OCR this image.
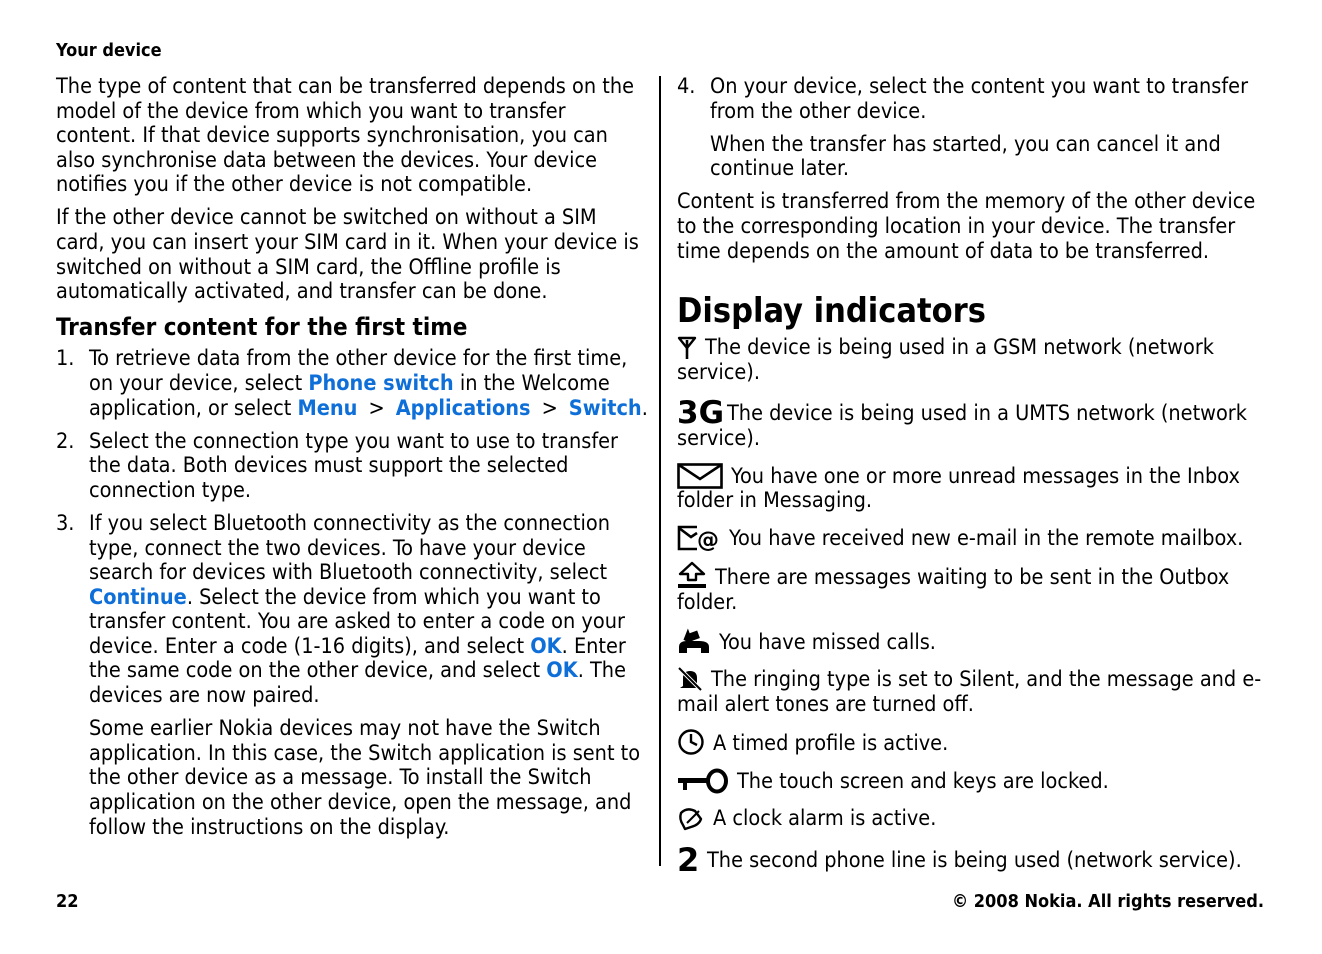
Your device

The type of content that can be transferred depends on the model of the device from which you want to transfer content. If that device supports synchronisation, you can also synchronise data between the devices. Your device notifies you if the other device is not compatible.

If the other device cannot be switched on without a SIM card, you can insert your SIM card in it. When your device is switched on without a SIM card, the Offline profile is automatically activated, and transfer can be done.

Transfer content for the first time
1. To retrieve data from the other device for the first time, on your device, select Phone switch in the Welcome application, or select Menu > Applications > Switch.

2. Select the connection type you want to use to transfer the data. Both devices must support the selected connection type.

3. If you select Bluetooth connectivity as the connection type, connect the two devices. To have your device search for devices with Bluetooth connectivity, select Continue. Select the device from which you want to transfer content. You are asked to enter a code on your device. Enter a code (1-16 digits), and select OK. Enter the same code on the other device, and select OK. The devices are now paired.

Some earlier Nokia devices may not have the Switch application. In this case, the Switch application is sent to the other device as a message. To install the Switch application on the other device, open the message, and follow the instructions on the display.

4. On your device, select the content you want to transfer from the other device.

When the transfer has started, you can cancel it and continue later.

Content is transferred from the memory of the other device to the corresponding location in your device. The transfer time depends on the amount of data to be transferred.

Display indicators
The device is being used in a GSM network (network service).
3G The device is being used in a UMTS network (network service).
You have one or more unread messages in the Inbox folder in Messaging.
@ You have received new e-mail in the remote mailbox.
There are messages waiting to be sent in the Outbox folder.
You have missed calls.
The ringing type is set to Silent, and the message and e-mail alert tones are turned off.
A timed profile is active.
The touch screen and keys are locked.
A clock alarm is active.
2 The second phone line is being used (network service).
22	© 2008 Nokia. All rights reserved.
